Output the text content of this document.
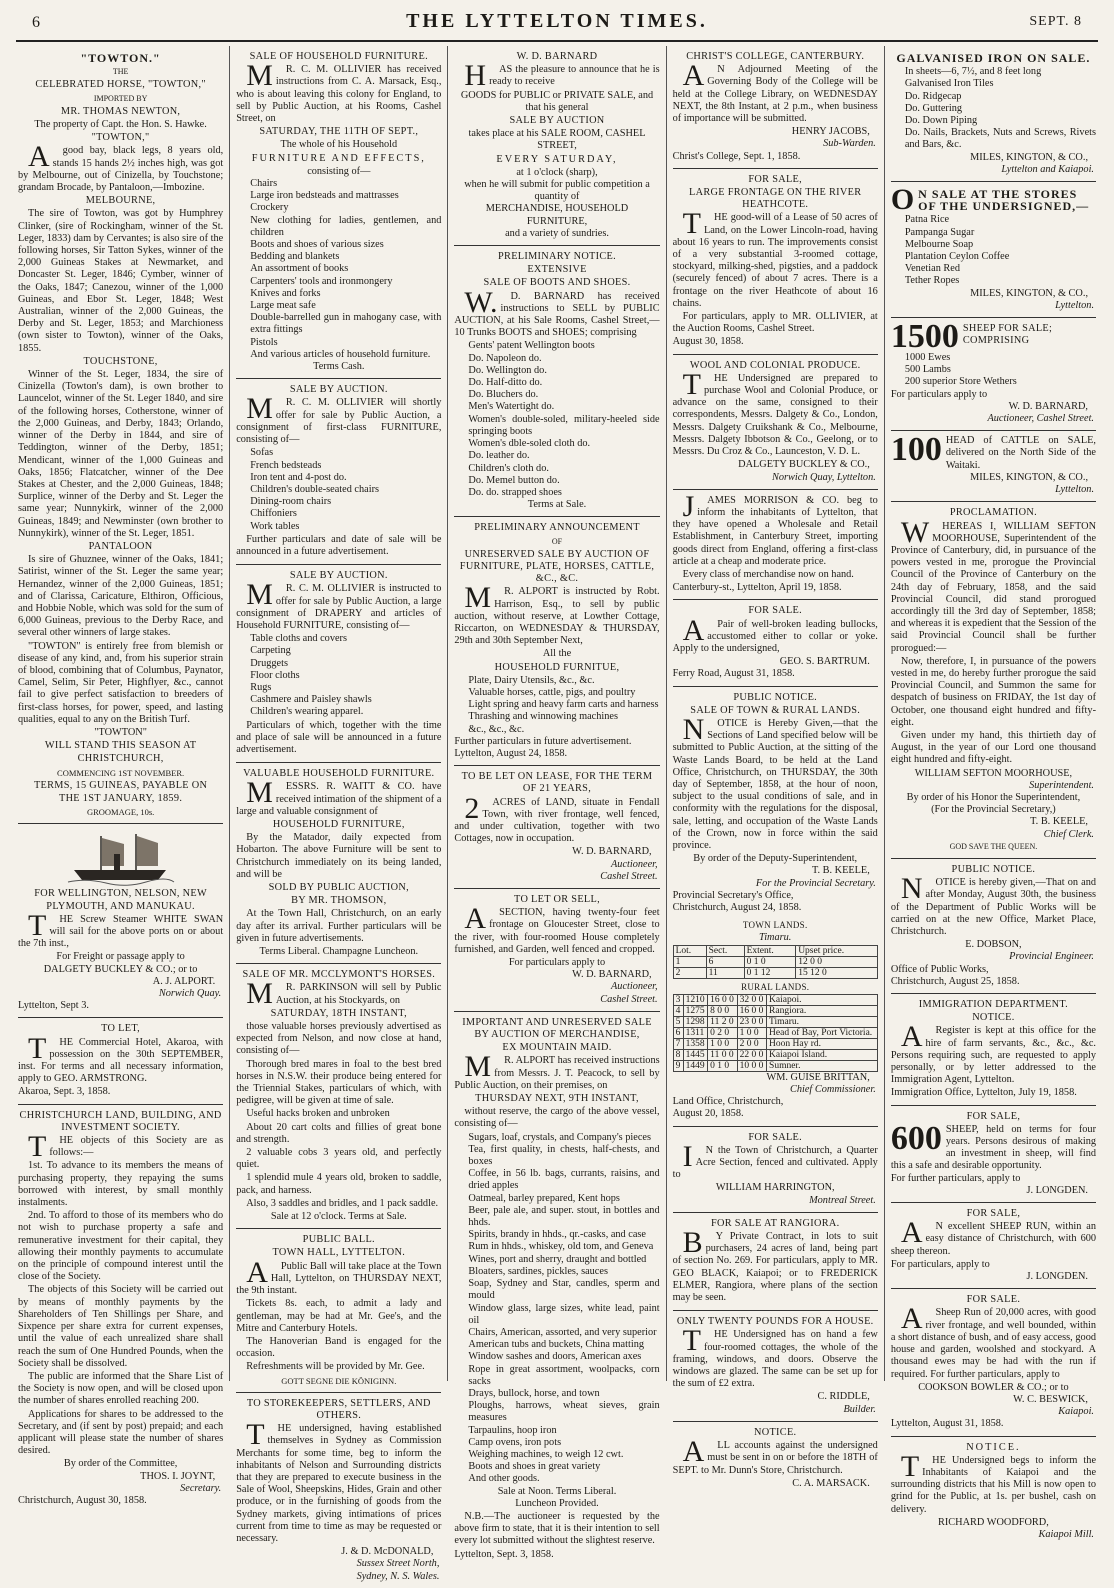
6	THE LYTTELTON TIMES.	SEPT. 8
"TOWTON."
THE
CELEBRATED HORSE, "TOWTON,"
IMPORTED BY
MR. THOMAS NEWTON,
The property of Capt. the Hon. S. Hawke.
"TOWTON,"
Agood bay, black legs, 8 years old, stands 15 hands 2½ inches high, was got by Melbourne, out of Cinizella, by Touchstone; grandam Brocade, by Pantaloon,—Imbozine.
MELBOURNE,
The sire of Towton, was got by Humphrey Clinker, (sire of Rockingham, winner of the St. Leger, 1833) dam by Cervantes; is also sire of the following horses, Sir Tatton Sykes, winner of the 2,000 Guineas Stakes at Newmarket, and Doncaster St. Leger, 1846; Cymber, winner of the Oaks, 1847; Canezou, winner of the 1,000 Guineas, and Ebor St. Leger, 1848; West Australian, winner of the 2,000 Guineas, the Derby and St. Leger, 1853; and Marchioness (own sister to Towton), winner of the Oaks, 1855.
TOUCHSTONE,
Winner of the St. Leger, 1834, the sire of Cinizella (Towton's dam), is own brother to Launcelot, winner of the St. Leger 1840, and sire of the following horses, Cotherstone, winner of the 2,000 Guineas, and Derby, 1843; Orlando, winner of the Derby in 1844, and sire of Teddington, winner of the Derby, 1851; Mendicant, winner of the 1,000 Guineas and Oaks, 1856; Flatcatcher, winner of the Dee Stakes at Chester, and the 2,000 Guineas, 1848; Surplice, winner of the Derby and St. Leger the same year; Nunnykirk, winner of the 2,000 Guineas, 1849; and Newminster (own brother to Nunnykirk), winner of the St. Leger, 1851.
PANTALOON
Is sire of Ghuznee, winner of the Oaks, 1841; Satirist, winner of the St. Leger the same year; Hernandez, winner of the 2,000 Guineas, 1851; and of Clarissa, Caricature, Elthiron, Officious, and Hobbie Noble, which was sold for the sum of 6,000 Guineas, previous to the Derby Race, and several other winners of large stakes.
"TOWTON" is entirely free from blemish or disease of any kind, and, from his superior strain of blood, combining that of Columbus, Paynator, Camel, Selim, Sir Peter, Highflyer, &c., cannot fail to give perfect satisfaction to breeders of first-class horses, for power, speed, and lasting qualities, equal to any on the British Turf.
"TOWTON"
WILL STAND THIS SEASON AT
CHRISTCHURCH,
COMMENCING 1ST NOVEMBER.
TERMS, 15 GUINEAS, PAYABLE ON
THE 1ST JANUARY, 1859.
GROOMAGE, 10s.
FOR WELLINGTON, NELSON, NEW PLYMOUTH, AND MANUKAU.
THE Screw Steamer WHITE SWAN will sail for the above ports on or about the 7th inst.,
For Freight or passage apply to
DALGETY BUCKLEY & CO.; or to
A. J. ALPORT.
Norwich Quay.
Lyttelton, Sept 3.
TO LET,
THE Commercial Hotel, Akaroa, with possession on the 30th SEPTEMBER, inst. For terms and all necessary information, apply to GEO. ARMSTRONG.
Akaroa, Sept. 3, 1858.
CHRISTCHURCH LAND, BUILDING, AND INVESTMENT SOCIETY.
THE objects of this Society are as follows:—
1st. To advance to its members the means of purchasing property, they repaying the sums borrowed with interest, by small monthly instalments.
2nd. To afford to those of its members who do not wish to purchase property a safe and remunerative investment for their capital, they allowing their monthly payments to accumulate on the principle of compound interest until the close of the Society.
The objects of this Society will be carried out by means of monthly payments by the Shareholders of Ten Shillings per Share, and Sixpence per share extra for current expenses, until the value of each unrealized share shall reach the sum of One Hundred Pounds, when the Society shall be dissolved.
The public are informed that the Share List of the Society is now open, and will be closed upon the number of shares enrolled reaching 200.
Applications for shares to be addressed to the Secretary, and (if sent by post) prepaid; and each applicant will please state the number of shares desired.
By order of the Committee,
THOS. I. JOYNT,
Secretary.
Christchurch, August 30, 1858.
SALE OF HOUSEHOLD FURNITURE.
MR. C. M. OLLIVIER has received instructions from C. A. Marsack, Esq., who is about leaving this colony for England, to sell by Public Auction, at his Rooms, Cashel Street, on
SATURDAY, THE 11TH OF SEPT.,
The whole of his Household
FURNITURE AND EFFECTS,
consisting of—
Chairs
Large iron bedsteads and mattrasses
Crockery
New clothing for ladies, gentlemen, and children
Boots and shoes of various sizes
Bedding and blankets
An assortment of books
Carpenters' tools and ironmongery
Knives and forks
Large meat safe
Double-barrelled gun in mahogany case, with extra fittings
Pistols
And various articles of household furniture.
Terms Cash.
SALE BY AUCTION.
MR. C. M. OLLIVIER will shortly offer for sale by Public Auction, a consignment of first-class FURNITURE, consisting of—
Sofas
French bedsteads
Iron tent and 4-post do.
Children's double-seated chairs
Dining-room chairs
Chiffoniers
Work tables
Further particulars and date of sale will be announced in a future advertisement.
SALE BY AUCTION.
MR. C. M. OLLIVIER is instructed to offer for sale by Public Auction, a large consignment of DRAPERY and articles of Household FURNITURE, consisting of—
Table cloths and covers
Carpeting
Druggets
Floor cloths
Rugs
Cashmere and Paisley shawls
Children's wearing apparel.
Particulars of which, together with the time and place of sale will be announced in a future advertisement.
VALUABLE HOUSEHOLD FURNITURE.
MESSRS. R. WAITT & CO. have received intimation of the shipment of a large and valuable consignment of
HOUSEHOLD FURNITURE,
By the Matador, daily expected from Hobarton. The above Furniture will be sent to Christchurch immediately on its being landed, and will be
SOLD BY PUBLIC AUCTION,
BY MR. THOMSON,
At the Town Hall, Christchurch, on an early day after its arrival. Further particulars will be given in future advertisements.
Terms Liberal. Champagne Luncheon.
SALE OF MR. MCCLYMONT'S HORSES.
MR. PARKINSON will sell by Public Auction, at his Stockyards, on
SATURDAY, 18TH INSTANT,
those valuable horses previously advertised as expected from Nelson, and now close at hand, consisting of—
Thorough bred mares in foal to the best bred horses in N.S.W. their produce being entered for the Triennial Stakes, particulars of which, with pedigree, will be given at time of sale.
Useful hacks broken and unbroken
About 20 cart colts and fillies of great bone and strength.
2 valuable cobs 3 years old, and perfectly quiet.
1 splendid mule 4 years old, broken to saddle, pack, and harness.
Also, 3 saddles and bridles, and 1 pack saddle.
Sale at 12 o'clock. Terms at Sale.
PUBLIC BALL.
TOWN HALL, LYTTELTON.
APublic Ball will take place at the Town Hall, Lyttelton, on THURSDAY NEXT, the 9th instant.
Tickets 8s. each, to admit a lady and gentleman, may be had at Mr. Gee's, and the Mitre and Canterbury Hotels.
The Hanoverian Band is engaged for the occasion.
Refreshments will be provided by Mr. Gee.
GOTT SEGNE DIE KÖNIGINN.
TO STOREKEEPERS, SETTLERS, AND OTHERS.
THE undersigned, having established themselves in Sydney as Commission Merchants for some time, beg to inform the inhabitants of Nelson and Surrounding districts that they are prepared to execute business in the Sale of Wool, Sheepskins, Hides, Grain and other produce, or in the furnishing of goods from the Sydney markets, giving intimations of prices current from time to time as may be requested or necessary.
J. & D. McDONALD,
Sussex Street North,
Sydney, N. S. Wales.
W. D. BARNARD
HAS the pleasure to announce that he is ready to receive
GOODS for PUBLIC or PRIVATE SALE, and that his general
SALE BY AUCTION
takes place at his SALE ROOM, CASHEL STREET,
EVERY SATURDAY,
at 1 o'clock (sharp),
when he will submit for public competition a quantity of
MERCHANDISE, HOUSEHOLD FURNITURE,
and a variety of sundries.
PRELIMINARY NOTICE.
EXTENSIVE
SALE OF BOOTS AND SHOES.
W.D. BARNARD has received instructions to SELL by PUBLIC AUCTION, at his Sale Rooms, Cashel Street,—10 Trunks BOOTS and SHOES; comprising
Gents' patent Wellington boots
Do. Napoleon do.
Do. Wellington do.
Do. Half-ditto do.
Do. Bluchers do.
Men's Watertight do.
Women's double-soled, military-heeled side springing boots
Women's dble-soled cloth do.
Do. leather do.
Children's cloth do.
Do. Memel button do.
Do. do. strapped shoes
Terms at Sale.
PRELIMINARY ANNOUNCEMENT
OF
UNRESERVED SALE BY AUCTION OF FURNITURE, PLATE, HORSES, CATTLE, &C., &C.
MR. ALPORT is instructed by Robt. Harrison, Esq., to sell by public auction, without reserve, at Lowther Cottage, Riccarton, on WEDNESDAY & THURSDAY, 29th and 30th September Next,
All the
HOUSEHOLD FURNITUE,
Plate, Dairy Utensils, &c., &c.
Valuable horses, cattle, pigs, and poultry
Light spring and heavy farm carts and harness
Thrashing and winnowing machines
&c., &c., &c.
Further particulars in future advertisement.
Lyttelton, August 24, 1858.
TO BE LET ON LEASE, FOR THE TERM OF 21 YEARS,
2ACRES of LAND, situate in Fendall Town, with river frontage, well fenced, and under cultivation, together with two Cottages, now in occupation.
W. D. BARNARD,
Auctioneer,
Cashel Street.
TO LET OR SELL,
ASECTION, having twenty-four feet frontage on Gloucester Street, close to the river, with four-roomed House completely furnished, and Garden, well fenced and cropped.
For particulars apply to
W. D. BARNARD,
Auctioneer,
Cashel Street.
IMPORTANT AND UNRESERVED SALE BY AUCTION OF MERCHANDISE,
EX MOUNTAIN MAID.
MR. ALPORT has received instructions from Messrs. J. T. Peacock, to sell by Public Auction, on their premises, on
THURSDAY NEXT, 9TH INSTANT,
without reserve, the cargo of the above vessel, consisting of—
Sugars, loaf, crystals, and Company's pieces
Tea, first quality, in chests, half-chests, and boxes
Coffee, in 56 lb. bags, currants, raisins, and dried apples
Oatmeal, barley prepared, Kent hops
Beer, pale ale, and super. stout, in bottles and hhds.
Spirits, brandy in hhds., qr.-casks, and case
Rum in hhds., whiskey, old tom, and Geneva
Wines, port and sherry, draught and bottled
Bloaters, sardines, pickles, sauces
Soap, Sydney and Star, candles, sperm and mould
Window glass, large sizes, white lead, paint oil
Chairs, American, assorted, and very superior
American tubs and buckets, China matting
Window sashes and doors, American axes
Rope in great assortment, woolpacks, corn sacks
Drays, bullock, horse, and town
Ploughs, harrows, wheat sieves, grain measures
Tarpaulins, hoop iron
Camp ovens, iron pots
Weighing machines, to weigh 12 cwt.
Boots and shoes in great variety
And other goods.
Sale at Noon. Terms Liberal.
Luncheon Provided.
N.B.—The auctioneer is requested by the above firm to state, that it is their intention to sell every lot submitted without the slightest reserve.
Lyttelton, Sept. 3, 1858.
CHRIST'S COLLEGE, CANTERBURY.
AN Adjourned Meeting of the Governing Body of the College will be held at the College Library, on WEDNESDAY NEXT, the 8th Instant, at 2 p.m., when business of importance will be submitted.
HENRY JACOBS,
Sub-Warden.
Christ's College, Sept. 1, 1858.
FOR SALE,
LARGE FRONTAGE ON THE RIVER HEATHCOTE.
THE good-will of a Lease of 50 acres of Land, on the Lower Lincoln-road, having about 16 years to run. The improvements consist of a very substantial 3-roomed cottage, stockyard, milking-shed, pigsties, and a paddock (securely fenced) of about 7 acres. There is a frontage on the river Heathcote of about 16 chains.
For particulars, apply to MR. OLLIVIER, at the Auction Rooms, Cashel Street.
August 30, 1858.
WOOL AND COLONIAL PRODUCE.
THE Undersigned are prepared to purchase Wool and Colonial Produce, or advance on the same, consigned to their correspondents, Messrs. Dalgety & Co., London, Messrs. Dalgety Cruikshank & Co., Melbourne, Messrs. Dalgety Ibbotson & Co., Geelong, or to Messrs. Du Croz & Co., Launceston, V. D. L.
DALGETY BUCKLEY & CO.,
Norwich Quay, Lyttelton.
JAMES MORRISON & CO. beg to inform the inhabitants of Lyttelton, that they have opened a Wholesale and Retail Establishment, in Canterbury Street, importing goods direct from England, offering a first-class article at a cheap and moderate price.
Every class of merchandise now on hand.
Canterbury-st., Lyttelton, April 19, 1858.
FOR SALE.
APair of well-broken leading bullocks, accustomed either to collar or yoke. Apply to the undersigned,
GEO. S. BARTRUM.
Ferry Road, August 31, 1858.
PUBLIC NOTICE.
SALE OF TOWN & RURAL LANDS.
NOTICE is Hereby Given,—that the Sections of Land specified below will be submitted to Public Auction, at the sitting of the Waste Lands Board, to be held at the Land Office, Christchurch, on THURSDAY, the 30th day of September, 1858, at the hour of noon, subject to the usual conditions of sale, and in conformity with the regulations for the disposal, sale, letting, and occupation of the Waste Lands of the Crown, now in force within the said province.
By order of the Deputy-Superintendent,
T. B. KEELE,
For the Provincial Secretary.
Provincial Secretary's Office,
Christchurch, August 24, 1858.
TOWN LANDS.
Timaru.
Lot.	Sect.	Extent.	Upset price.
1	6	0 1 0	12 0 0
2	11	0 1 12	15 12 0
RURAL LANDS.
3	1210	16 0 0	32 0 0	Kaiapoi.
4	1275	8 0 0	16 0 0	Rangiora.
5	1298	11 2 0	23 0 0	Timaru.
6	1311	0 2 0	1 0 0	Head of Bay, Port Victoria.
7	1358	1 0 0	2 0 0	Hoon Hay rd.
8	1445	11 0 0	22 0 0	Kaiapoi Island.
9	1449	0 1 0	10 0 0	Sumner.
WM. GUISE BRITTAN,
Chief Commissioner.
Land Office, Christchurch,
August 20, 1858.
FOR SALE.
IN the Town of Christchurch, a Quarter Acre Section, fenced and cultivated. Apply to
WILLIAM HARRINGTON,
Montreal Street.
FOR SALE AT RANGIORA.
BY Private Contract, in lots to suit purchasers, 24 acres of land, being part of section No. 269. For particulars, apply to MR. GEO BLACK, Kaiapoi; or to FREDERICK ELMER, Rangiora, where plans of the section may be seen.
ONLY TWENTY POUNDS FOR A HOUSE.
THE Undersigned has on hand a few four-roomed cottages, the whole of the framing, windows, and doors. Observe the windows are glazed. The same can be set up for the sum of £2 extra.
C. RIDDLE,
Builder.
NOTICE.
ALL accounts against the undersigned must be sent in on or before the 18TH of SEPT. to Mr. Dunn's Store, Christchurch.
C. A. MARSACK.
GALVANISED IRON ON SALE.
In sheets—6, 7½, and 8 feet long
Galvanised Iron Tiles
Do. Ridgecap
Do. Guttering
Do. Down Piping
Do. Nails, Brackets, Nuts and Screws, Rivets and Bars, &c.
MILES, KINGTON, & CO.,
Lyttelton and Kaiapoi.
ON SALE AT THE STORES OF THE UNDERSIGNED,—
Patna Rice
Pampanga Sugar
Melbourne Soap
Plantation Ceylon Coffee
Venetian Red
Tether Ropes
MILES, KINGTON, & CO.,
Lyttelton.
1500 SHEEP FOR SALE; COMPRISING
1000 Ewes
500 Lambs
200 superior Store Wethers
For particulars apply to
W. D. BARNARD,
Auctioneer, Cashel Street.
100 HEAD of CATTLE on SALE, delivered on the North Side of the Waitaki.
MILES, KINGTON, & CO.,
Lyttelton.
PROCLAMATION.
WHEREAS I, WILLIAM SEFTON MOORHOUSE, Superintendent of the Province of Canterbury, did, in pursuance of the powers vested in me, prorogue the Provincial Council of the Province of Canterbury on the 24th day of February, 1858, and the said Provincial Council, did stand prorogued accordingly till the 3rd day of September, 1858; and whereas it is expedient that the Session of the said Provincial Council shall be further prorogued:—
Now, therefore, I, in pursuance of the powers vested in me, do hereby further prorogue the said Provincial Council, and Summon the same for despatch of business on FRIDAY, the 1st day of October, one thousand eight hundred and fifty-eight.
Given under my hand, this thirtieth day of August, in the year of our Lord one thousand eight hundred and fifty-eight.
WILLIAM SEFTON MOORHOUSE,
Superintendent.
By order of his Honor the Superintendent,
(For the Provincial Secretary,)
T. B. KEELE,
Chief Clerk.
GOD SAVE THE QUEEN.
PUBLIC NOTICE.
NOTICE is hereby given,—That on and after Monday, August 30th, the business of the Department of Public Works will be carried on at the new Office, Market Place, Christchurch.
E. DOBSON,
Provincial Engineer.
Office of Public Works,
Christchurch, August 25, 1858.
IMMIGRATION DEPARTMENT.
NOTICE.
ARegister is kept at this office for the hire of farm servants, &c., &c., &c. Persons requiring such, are requested to apply personally, or by letter addressed to the Immigration Agent, Lyttelton.
Immigration Office, Lyttelton, July 19, 1858.
FOR SALE,
600 SHEEP, held on terms for four years. Persons desirous of making an investment in sheep, will find this a safe and desirable opportunity.
For further particulars, apply to
J. LONGDEN.
FOR SALE,
AN excellent SHEEP RUN, within an easy distance of Christchurch, with 600 sheep thereon.
For particulars, apply to
J. LONGDEN.
FOR SALE.
ASheep Run of 20,000 acres, with good river frontage, and well bounded, within a short distance of bush, and of easy access, good house and garden, woolshed and stockyard. A thousand ewes may be had with the run if required. For further particulars, apply to
COOKSON BOWLER & CO.; or to
W. C. BESWICK,
Kaiapoi.
Lyttelton, August 31, 1858.
NOTICE.
THE Undersigned begs to inform the Inhabitants of Kaiapoi and the surrounding districts that his Mill is now open to grind for the Public, at 1s. per bushel, cash on delivery.
RICHARD WOODFORD,
Kaiapoi Mill.
